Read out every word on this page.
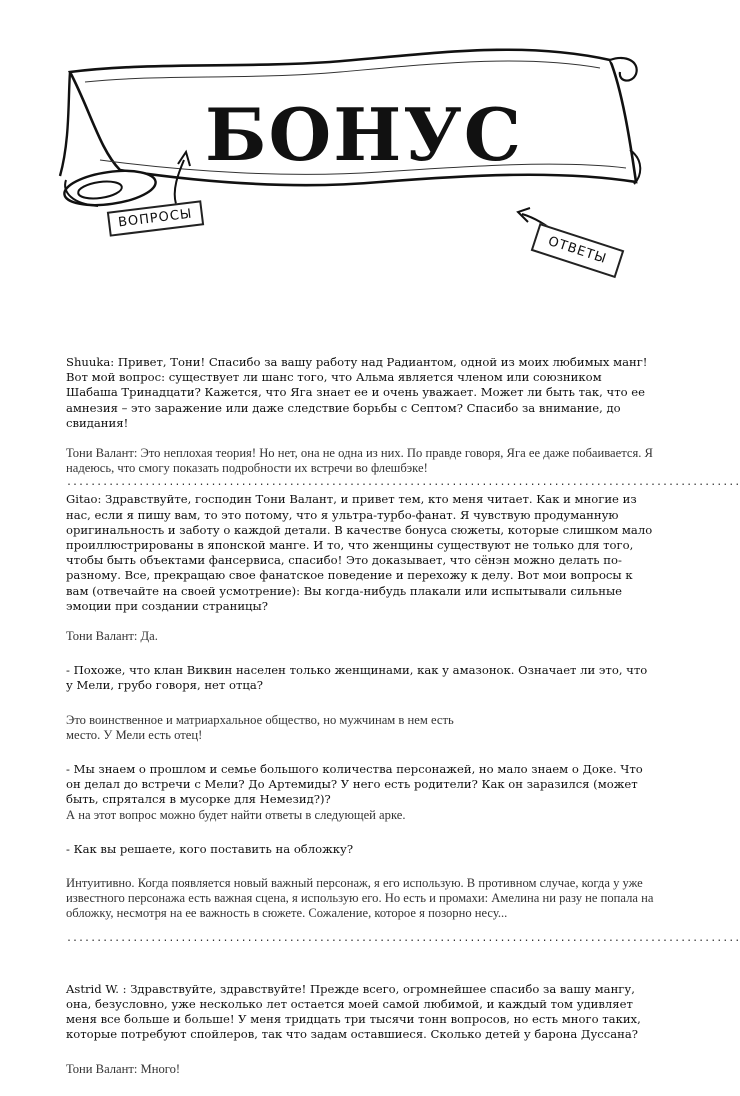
БОНУС
ВОПРОСЫ
ОТВЕТЫ

Shuuka: Привет, Тони! Спасибо за вашу работу над Радиантом, одной из моих любимых манг! Вот мой вопрос: существует ли шанс того, что Альма является членом или союзником Шабаша Тринадцати? Кажется, что Яга знает ее и очень уважает. Может ли быть так, что ее амнезия – это заражение или даже следствие борьбы с Септом? Спасибо за внимание, до свидания!

Тони Валант: Это неплохая теория! Но нет, она не одна из них. По правде говоря, Яга ее даже побаивается. Я надеюсь, что смогу показать подробности их встречи во флешбэке!

................................................................................................................

Gitao: Здравствуйте, господин Тони Валант, и привет тем, кто меня читает. Как и многие из нас, если я пишу вам, то это потому, что я ультра-турбо-фанат. Я чувствую продуманную оригинальность и заботу о каждой детали. В качестве бонуса сюжеты, которые слишком мало проиллюстрированы в японской манге. И то, что женщины существуют не только для того, чтобы быть объектами фансервиса, спасибо! Это доказывает, что сёнэн можно делать по-разному. Все, прекращаю свое фанатское поведение и перехожу к делу. Вот мои вопросы к вам (отвечайте на своей усмотрение): Вы когда-нибудь плакали или испытывали сильные эмоции при создании страницы?

Тони Валант: Да.

- Похоже, что клан Виквин населен только женщинами, как у амазонок. Означает ли это, что у Мели, грубо говоря, нет отца?

Это воинственное и матриархальное общество, но мужчинам в нем есть

место. У Мели есть отец!

- Мы знаем о прошлом и семье большого количества персонажей, но мало знаем о Доке. Что он делал до встречи с Мели? До Артемиды? У него есть родители? Как он заразился (может быть, спрятался в мусорке для Немезид?)?

А на этот вопрос можно будет найти ответы в следующей арке.

- Как вы решаете, кого поставить на обложку?

Интуитивно. Когда появляется новый важный персонаж, я его использую. В противном случае, когда у уже известного персонажа есть важная сцена, я использую его. Но есть и промахи: Амелина ни разу не попала на обложку, несмотря на ее важность в сюжете. Сожаление, которое я позорно несу...

................................................................................................................

Astrid W. : Здравствуйте, здравствуйте! Прежде всего, огромнейшее спасибо за вашу мангу, она, безусловно, уже несколько лет остается моей самой любимой, и каждый том удивляет меня все больше и больше! У меня тридцать три тысячи тонн вопросов, но есть много таких, которые потребуют спойлеров, так что задам оставшиеся. Сколько детей у барона Дуссана?

Тони Валант: Много!
